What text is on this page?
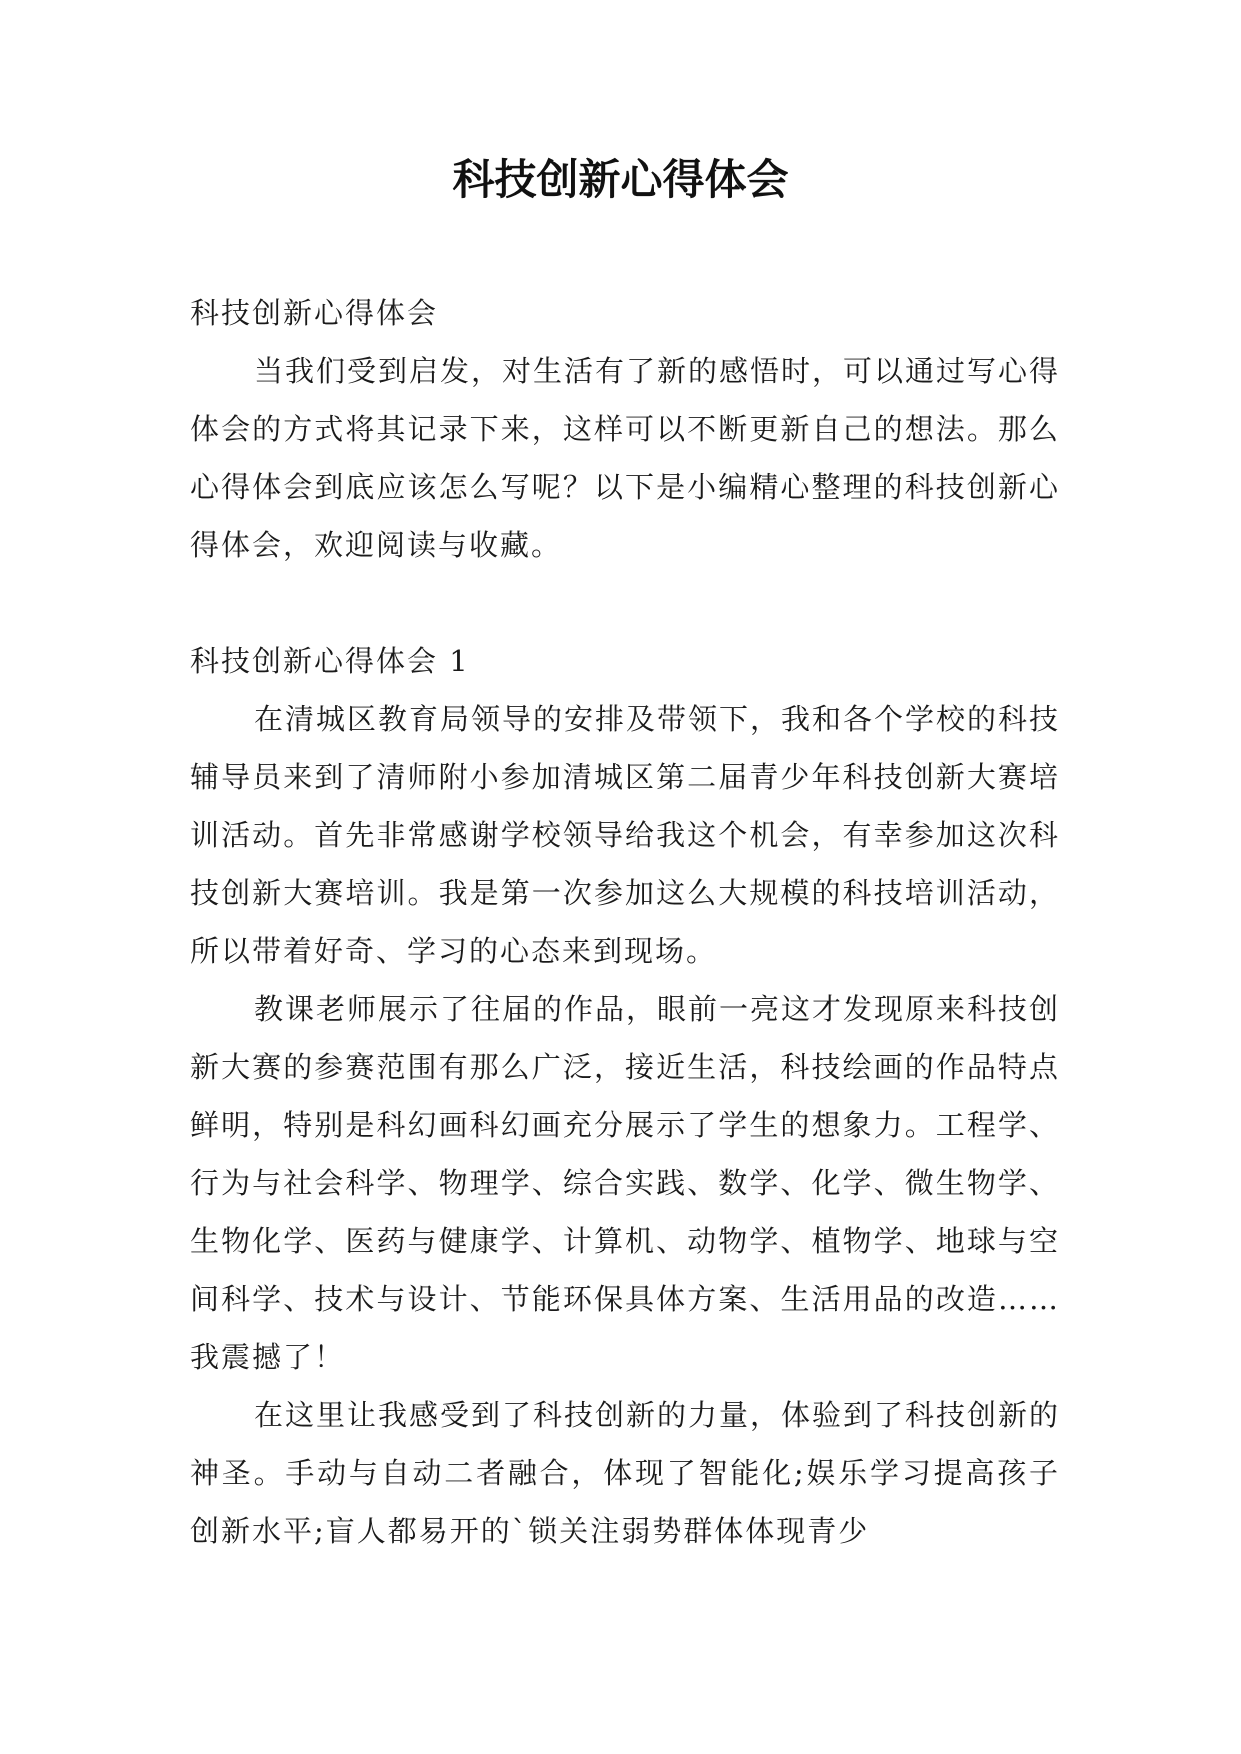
科技创新心得体会

科技创新心得体会

当我们受到启发，对生活有了新的感悟时，可以通过写心得体会的方式将其记录下来，这样可以不断更新自己的想法。那么心得体会到底应该怎么写呢？以下是小编精心整理的科技创新心得体会，欢迎阅读与收藏。

科技创新心得体会 1

在清城区教育局领导的安排及带领下，我和各个学校的科技辅导员来到了清师附小参加清城区第二届青少年科技创新大赛培训活动。首先非常感谢学校领导给我这个机会，有幸参加这次科技创新大赛培训。我是第一次参加这么大规模的科技培训活动，所以带着好奇、学习的心态来到现场。

教课老师展示了往届的作品，眼前一亮这才发现原来科技创新大赛的参赛范围有那么广泛，接近生活，科技绘画的作品特点鲜明，特别是科幻画科幻画充分展示了学生的想象力。工程学、行为与社会科学、物理学、综合实践、数学、化学、微生物学、生物化学、医药与健康学、计算机、动物学、植物学、地球与空间科学、技术与设计、节能环保具体方案、生活用品的改造……我震撼了！

在这里让我感受到了科技创新的力量，体验到了科技创新的神圣。手动与自动二者融合，体现了智能化;娱乐学习提高孩子创新水平;盲人都易开的`锁关注弱势群体体现青少
